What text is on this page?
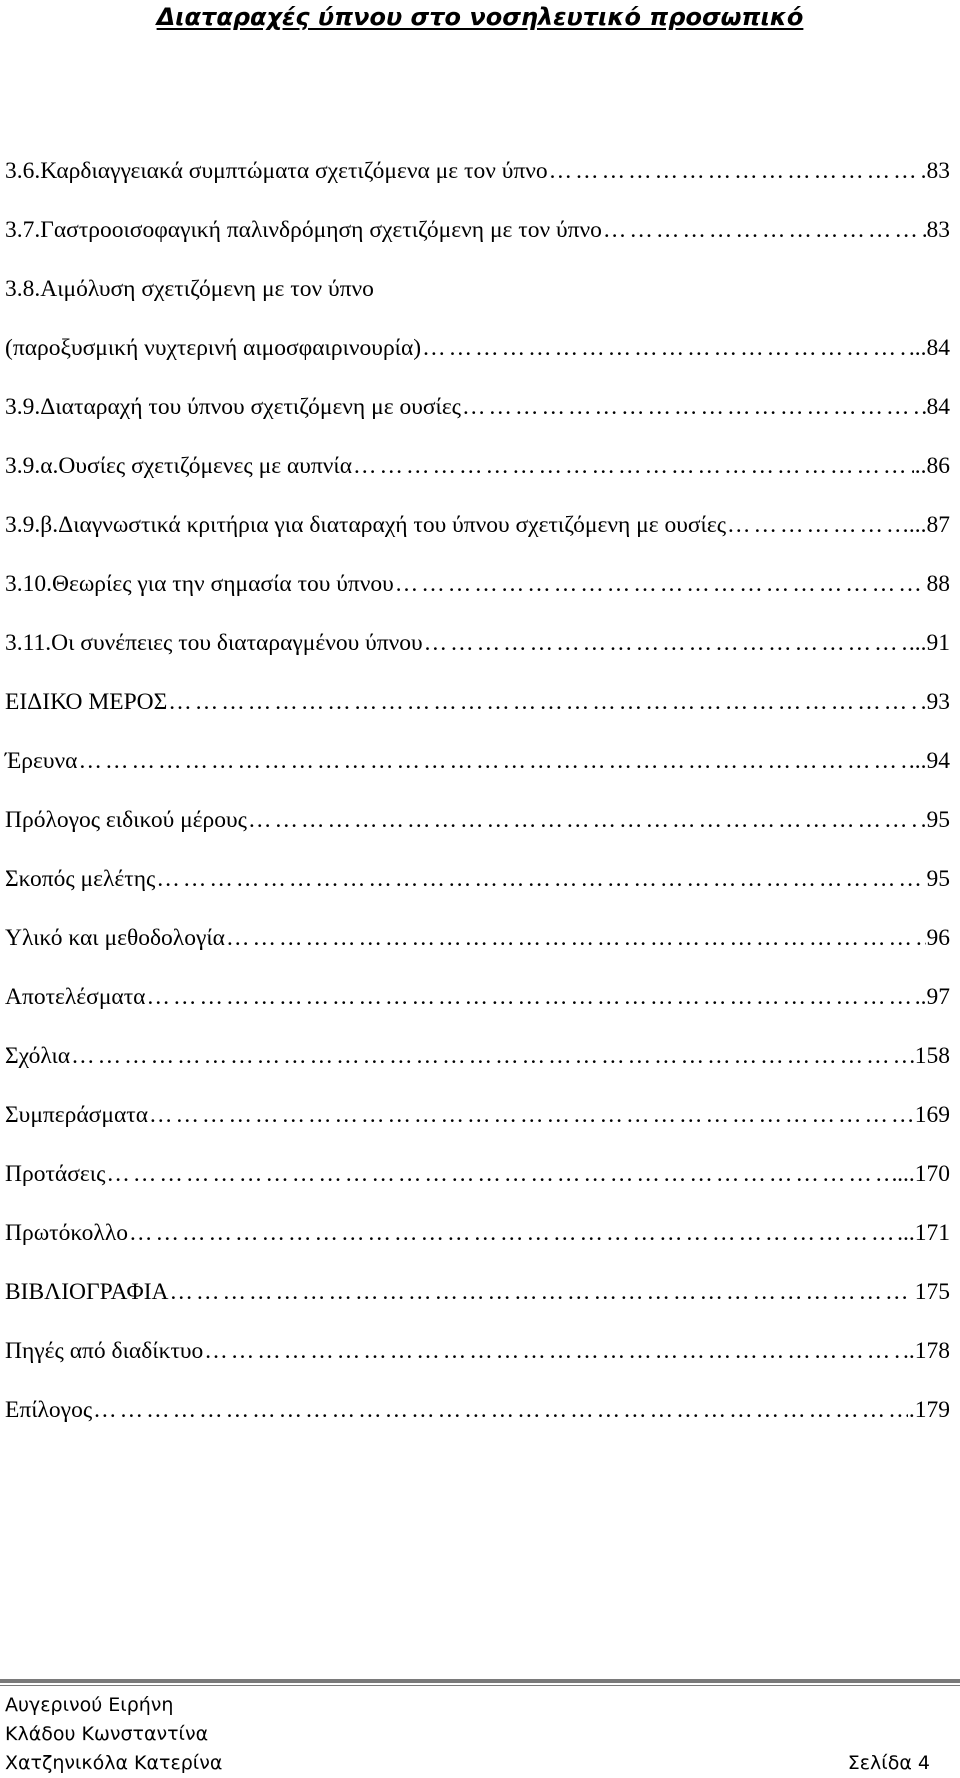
Διαταραχές ύπνου στο νοσηλευτικό προσωπικό
3.6.Καρδιαγγειακά συμπτώματα σχετιζόμενα με τον ύπνο …………………………………………………………………………………………………………………………………………………………………………………………………	.83
3.7.Γαστροοισοφαγική παλινδρόμηση σχετιζόμενη με τον ύπνο …………………………………………………………………………………………………………………………………………………………………………………………………	83
3.8.Αιμόλυση σχετιζόμενη με τον ύπνο
(παροξυσμική νυχτερινή αιμοσφαιρινουρία) …………………………………………………………………………………………………………………………………………………………………………………………………	...84
3.9.Διαταραχή του ύπνου σχετιζόμενη με ουσίες …………………………………………………………………………………………………………………………………………………………………………………………………	84
3.9.α.Ουσίες σχετιζόμενες με αυπνία …………………………………………………………………………………………………………………………………………………………………………………………………	..86
3.9.β.Διαγνωστικά κριτήρια για διαταραχή του ύπνου σχετιζόμενη με ουσίες …………………………………………………………………………………………………………………………………………………………………………………………………	...87
3.10.Θεωρίες για την σημασία του ύπνου …………………………………………………………………………………………………………………………………………………………………………………………………	88
3.11.Οι συνέπειες του διαταραγμένου ύπνου …………………………………………………………………………………………………………………………………………………………………………………………………	...91
ΕΙΔΙΚΟ ΜΕΡΟΣ …………………………………………………………………………………………………………………………………………………………………………………………………	.93
Έρευνα …………………………………………………………………………………………………………………………………………………………………………………………………	..94
Πρόλογος ειδικού μέρους …………………………………………………………………………………………………………………………………………………………………………………………………	.95
Σκοπός μελέτης …………………………………………………………………………………………………………………………………………………………………………………………………	95
Υλικό και μεθοδολογία …………………………………………………………………………………………………………………………………………………………………………………………………	96
Αποτελέσματα …………………………………………………………………………………………………………………………………………………………………………………………………	..97
Σχόλια …………………………………………………………………………………………………………………………………………………………………………………………………	158
Συμπεράσματα …………………………………………………………………………………………………………………………………………………………………………………………………	169
Προτάσεις …………………………………………………………………………………………………………………………………………………………………………………………………	...170
Πρωτόκολλο …………………………………………………………………………………………………………………………………………………………………………………………………	...171
ΒΙΒΛΙΟΓΡΑΦΙΑ …………………………………………………………………………………………………………………………………………………………………………………………………	175
Πηγές από διαδίκτυο …………………………………………………………………………………………………………………………………………………………………………………………………	..178
Επίλογος …………………………………………………………………………………………………………………………………………………………………………………………………	.179
Αυγερινού Ειρήνη
Κλάδου Κωνσταντίνα
Χατζηνικόλα Κατερίνα	Σελίδα 4
